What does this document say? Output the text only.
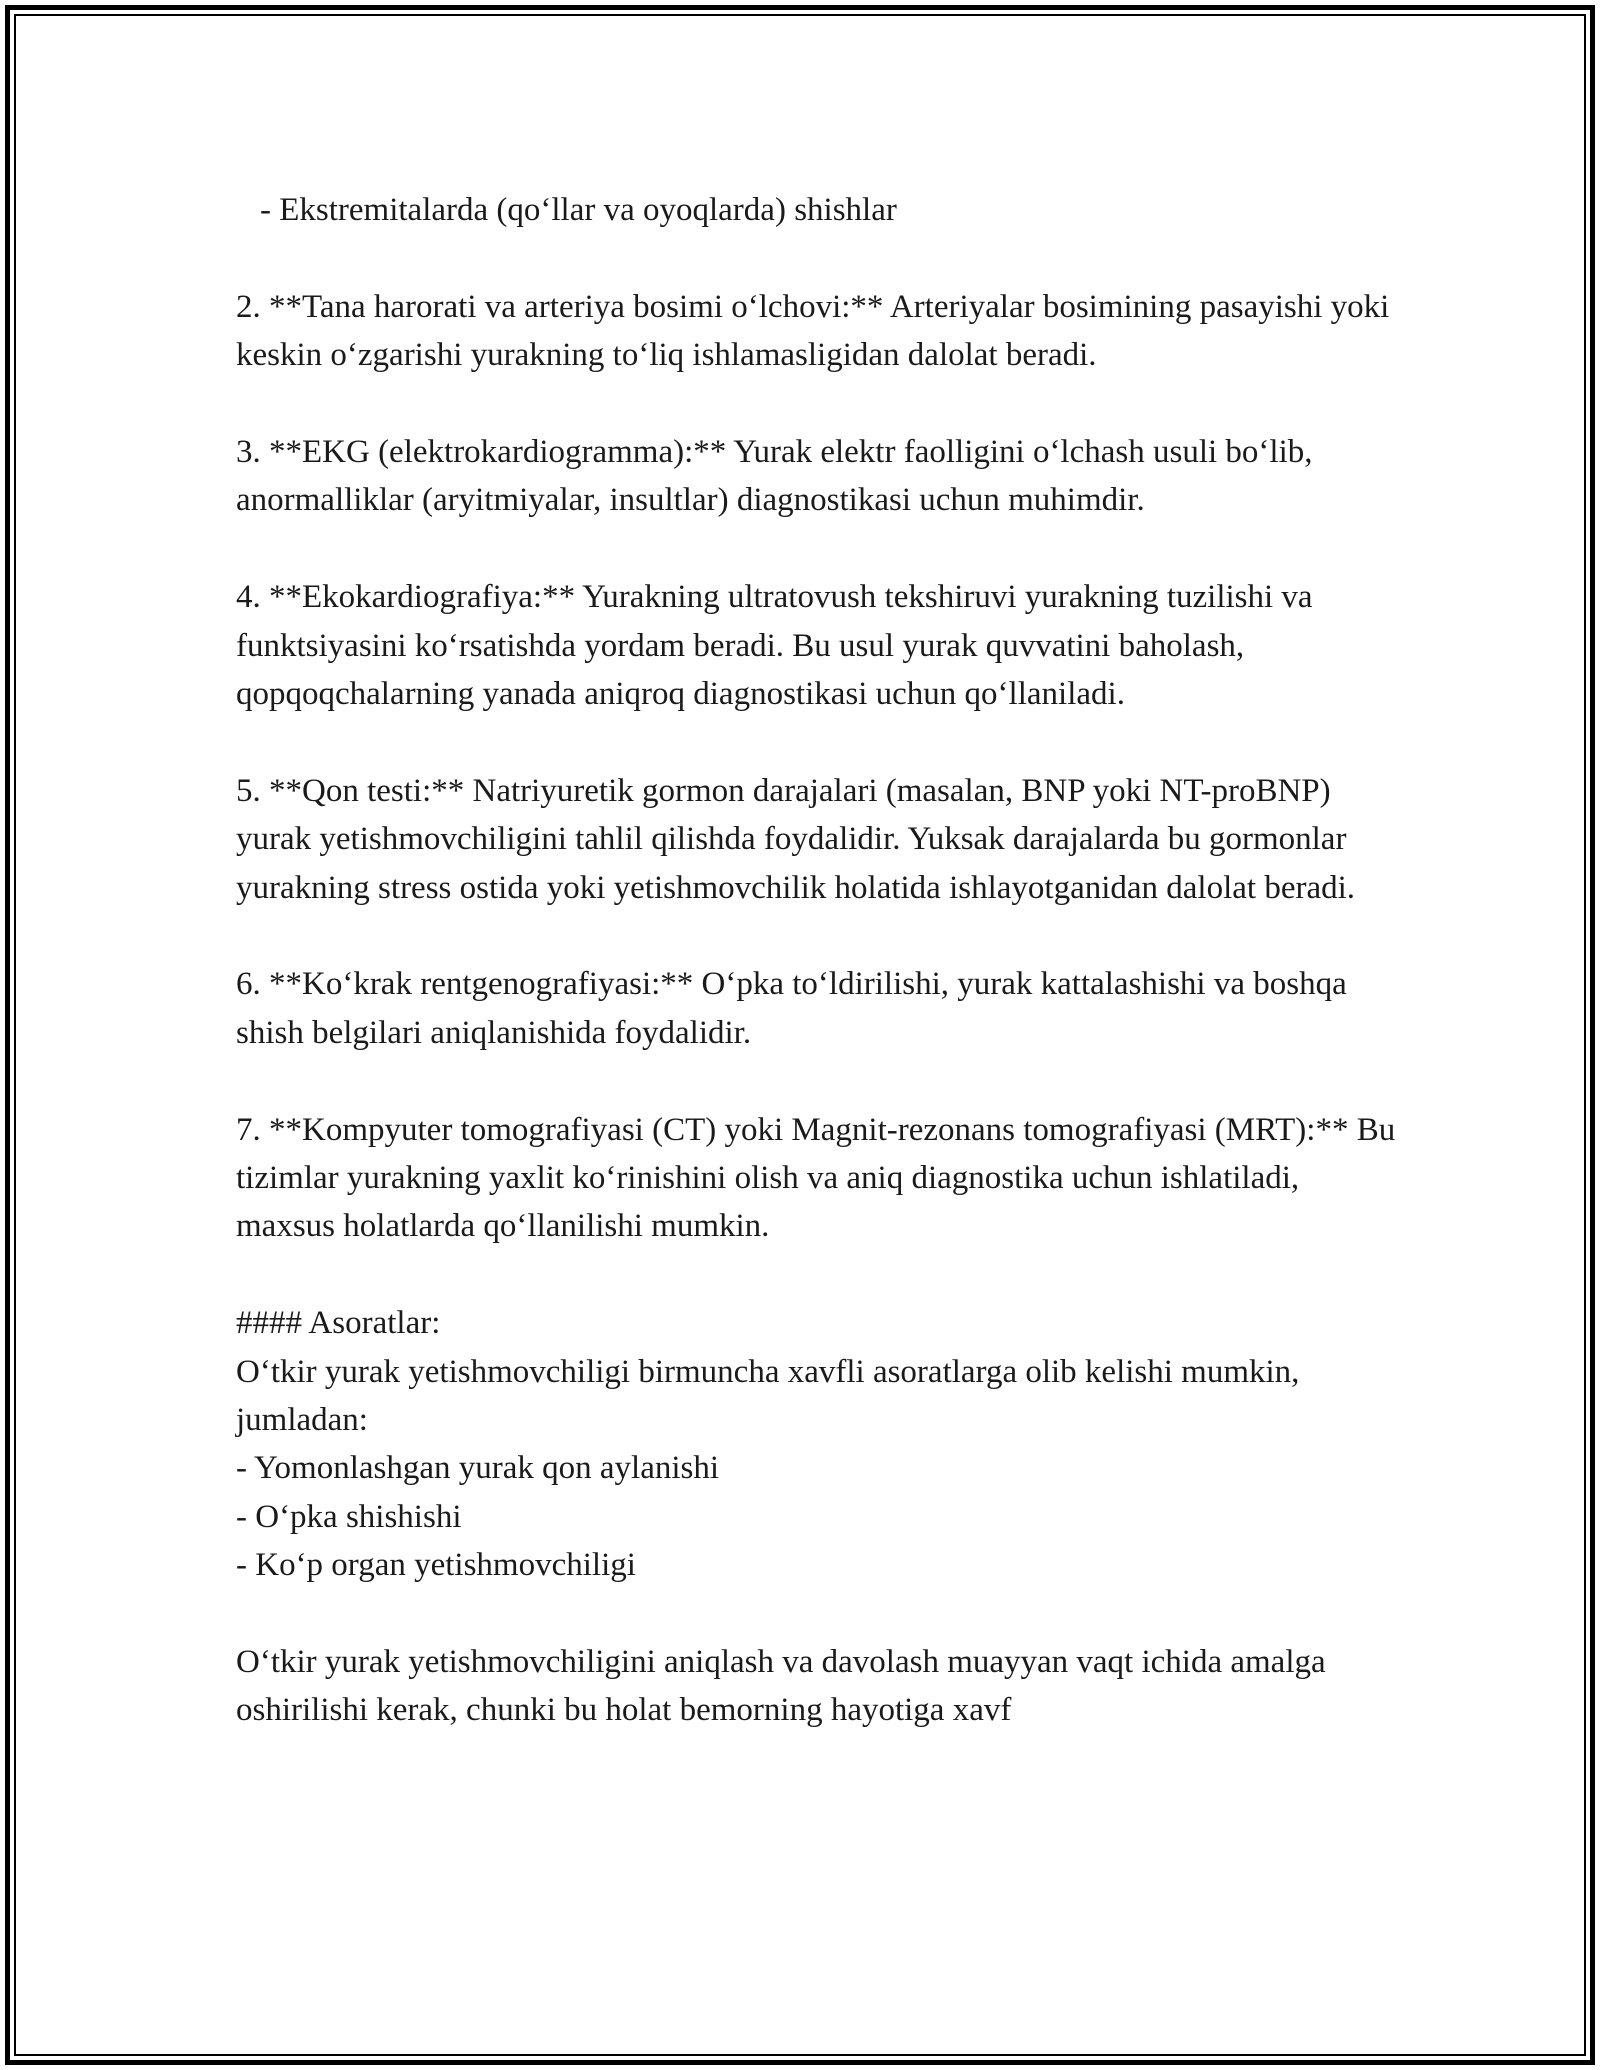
- Ekstremitalarda (qo‘llar va oyoqlarda) shishlar

2. **Tana harorati va arteriya bosimi o‘lchovi:** Arteriyalar bosimining pasayishi yoki keskin o‘zgarishi yurakning to‘liq ishlamasligidan dalolat beradi.

3. **EKG (elektrokardiogramma):** Yurak elektr faolligini o‘lchash usuli bo‘lib, anormalliklar (aryitmiyalar, insultlar) diagnostikasi uchun muhimdir.

4. **Ekokardiografiya:** Yurakning ultratovush tekshiruvi yurakning tuzilishi va funktsiyasini ko‘rsatishda yordam beradi. Bu usul yurak quvvatini baholash, qopqoqchalarning yanada aniqroq diagnostikasi uchun qo‘llaniladi.

5. **Qon testi:** Natriyuretik gormon darajalari (masalan, BNP yoki NT-proBNP) yurak yetishmovchiligini tahlil qilishda foydalidir. Yuksak darajalarda bu gormonlar yurakning stress ostida yoki yetishmovchilik holatida ishlayotganidan dalolat beradi.

6. **Ko‘krak rentgenografiyasi:** O‘pka to‘ldirilishi, yurak kattalashishi va boshqa shish belgilari aniqlanishida foydalidir.

7. **Kompyuter tomografiyasi (CT) yoki Magnit-rezonans tomografiyasi (MRT):** Bu tizimlar yurakning yaxlit ko‘rinishini olish va aniq diagnostika uchun ishlatiladi, maxsus holatlarda qo‘llanilishi mumkin.

#### Asoratlar:
O‘tkir yurak yetishmovchiligi birmuncha xavfli asoratlarga olib kelishi mumkin, jumladan:
- Yomonlashgan yurak qon aylanishi
- O‘pka shishishi
- Ko‘p organ yetishmovchiligi

O‘tkir yurak yetishmovchiligini aniqlash va davolash muayyan vaqt ichida amalga oshirilishi kerak, chunki bu holat bemorning hayotiga xavf
